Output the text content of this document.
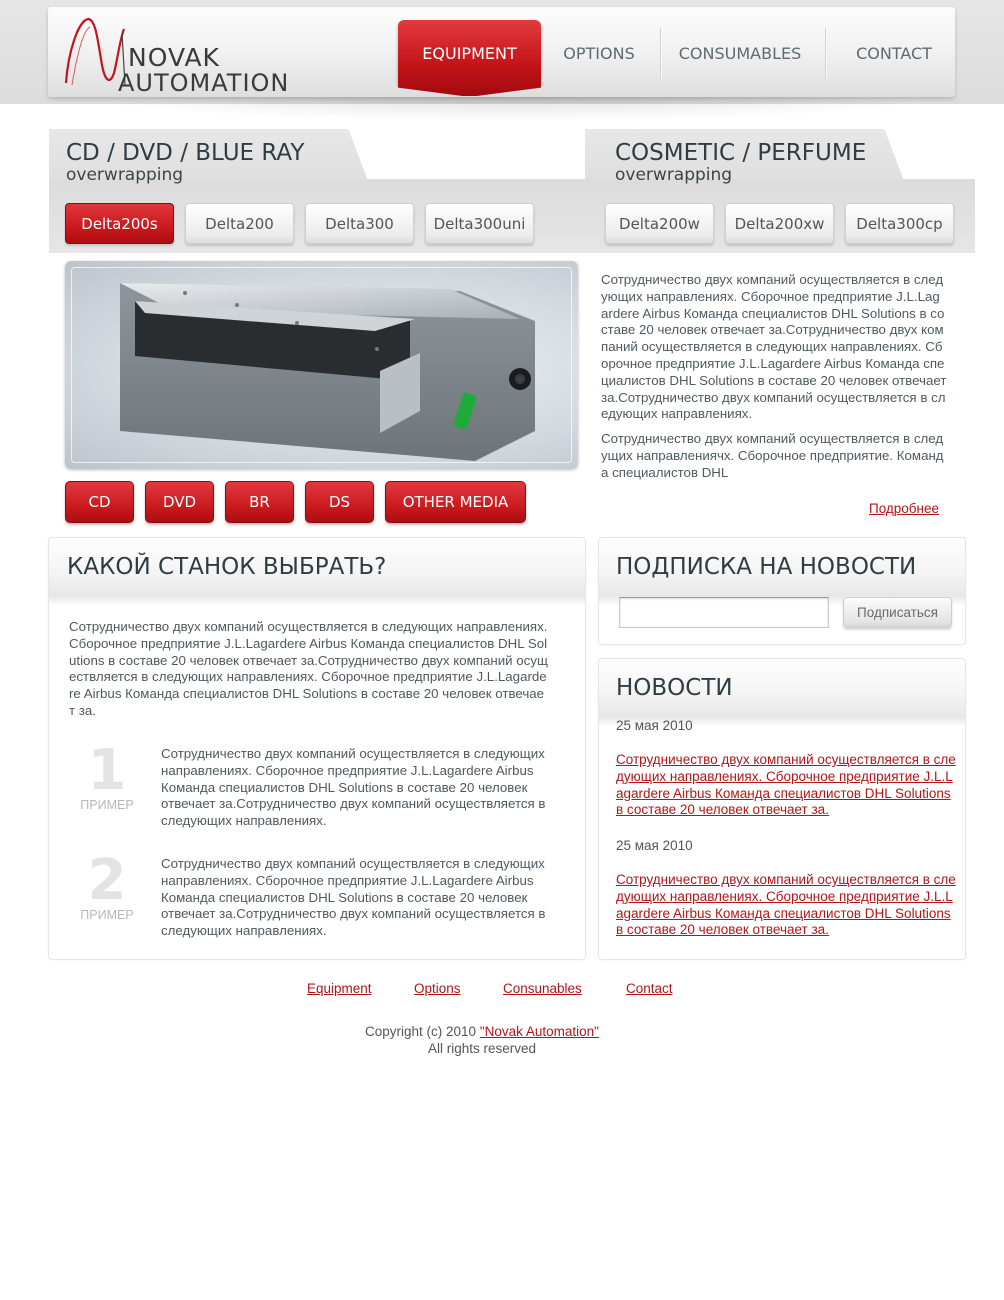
NOVAK
AUTOMATION
EQUIPMENT	OPTIONS	CONSUMABLES	CONTACT
CD / DVD / BLUE RAY
overwrapping
Delta200s	Delta200	Delta300	Delta300uni
COSMETIC / PERFUME
overwrapping
Delta200w	Delta200xw	Delta300cp
CD	DVD	BR	DS	OTHER MEDIA

Сотрудничество двух компаний осуществляется в следующих направлениях. Сборочное предприятие J.L.Lagardere Airbus Команда специалистов DHL Solutions в составе 20 человек отвечает за.Сотрудничество двух компаний осуществляется в следующих направлениях. Сборочное предприятие J.L.Lagardere Airbus Команда специалистов DHL Solutions в составе 20 человек отвечает за.Сотрудничество двух компаний осуществляется в следующих направлениях.

Сотрудничество двух компаний осуществляется в следущих направлениячх. Сборочное предприятие. Команда специалистов DHL

Подробнее
КАКОЙ СТАНОК ВЫБРАТЬ?
Сотрудничество двух компаний осуществляется в следующих направлениях. Сборочное предприятие J.L.Lagardere Airbus Команда специалистов DHL Solutions в составе 20 человек отвечает за.Сотрудничество двух компаний осуществляется в следующих направлениях. Сборочное предприятие J.L.Lagardere Airbus Команда специалистов DHL Solutions в составе 20 человек отвечает за.
1
ПРИМЕР
Сотрудничество двух компаний осуществляется в следующих направлениях. Сборочное предприятие J.L.Lagardere Airbus Команда специалистов DHL Solutions в составе 20 человек отвечает за.Сотрудничество двух компаний осуществляется в следующих направлениях.
2
ПРИМЕР
Сотрудничество двух компаний осуществляется в следующих направлениях. Сборочное предприятие J.L.Lagardere Airbus Команда специалистов DHL Solutions в составе 20 человек отвечает за.Сотрудничество двух компаний осуществляется в следующих направлениях.
ПОДПИСКА НА НОВОСТИ
Подписаться
НОВОСТИ
25 мая 2010
Сотрудничество двух компаний осуществляется в следующих направлениях. Сборочное предприятие J.L.Lagardere Airbus Команда специалистов DHL Solutions в составе 20 человек отвечает за.
25 мая 2010
Сотрудничество двух компаний осуществляется в следующих направлениях. Сборочное предприятие J.L.Lagardere Airbus Команда специалистов DHL Solutions в составе 20 человек отвечает за.
Equipment	Options	Consunables	Contact
Copyright (c) 2010 "Novak Automation"
All rights reserved
